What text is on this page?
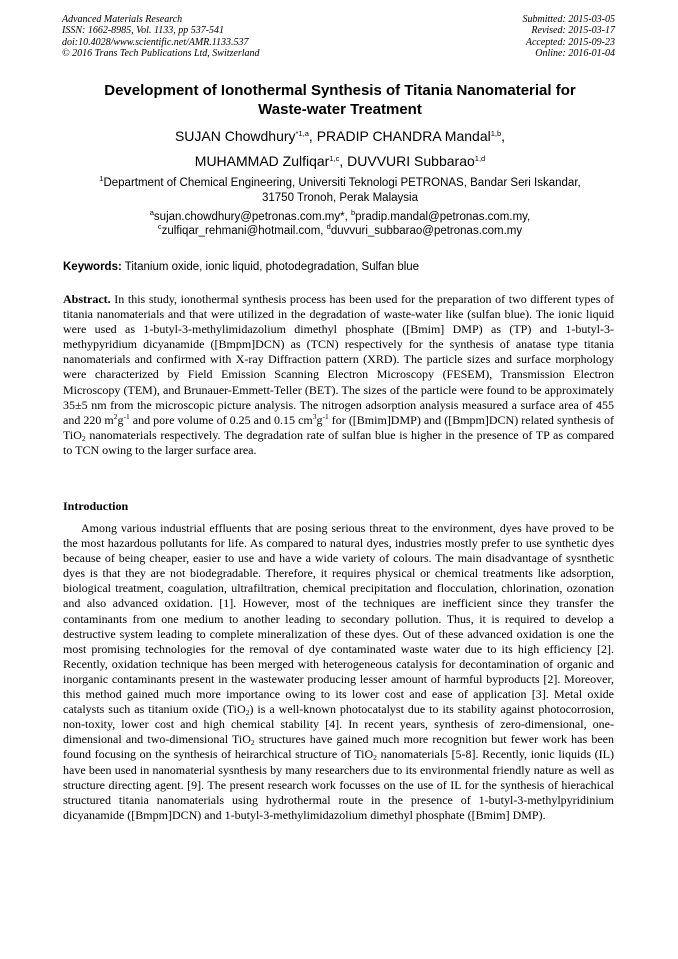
Advanced Materials Research
ISSN: 1662-8985, Vol. 1133, pp 537-541
doi:10.4028/www.scientific.net/AMR.1133.537
© 2016 Trans Tech Publications Ltd, Switzerland
Submitted: 2015-03-05
Revised: 2015-03-17
Accepted: 2015-09-23
Online: 2016-01-04
Development of Ionothermal Synthesis of Titania Nanomaterial for
Waste-water Treatment
SUJAN Chowdhury$^{*1,a}$, PRADIP CHANDRA Mandal$^{1,b}$,
MUHAMMAD Zulfiqar$^{1,c}$, DUVVURI Subbarao$^{1,d}$
$^1$Department of Chemical Engineering, Universiti Teknologi PETRONAS, Bandar Seri Iskandar,
31750 Tronoh, Perak Malaysia
$^a$sujan.chowdhury@petronas.com.my*, $^b$pradip.mandal@petronas.com.my,
$^c$zulfiqar_rehmani@hotmail.com, $^d$duvvuri_subbarao@petronas.com.my
Keywords: Titanium oxide, ionic liquid, photodegradation, Sulfan blue

Abstract. In this study, ionothermal synthesis process has been used for the preparation of two different types of titania nanomaterials and that were utilized in the degradation of waste-water like (sulfan blue). The ionic liquid were used as 1-butyl-3-methylimidazolium dimethyl phosphate ([Bmim] DMP) as (TP) and 1-butyl-3-methypyridium dicyanamide ([Bmpm]DCN) as (TCN) respectively for the synthesis of anatase type titania nanomaterials and confirmed with X-ray Diffraction pattern (XRD). The particle sizes and surface morphology were characterized by Field Emission Scanning Electron Microscopy (FESEM), Transmission Electron Microscopy (TEM), and Brunauer-Emmett-Teller (BET). The sizes of the particle were found to be approximately 35±5 nm from the microscopic picture analysis. The nitrogen adsorption analysis measured a surface area of 455 and 220 $m^2g^{-1}$ and pore volume of 0.25 and 0.15 $cm^3g^{-1}$ for ([Bmim]DMP) and ([Bmpm]DCN) related synthesis of TiO$_2$ nanomaterials respectively. The degradation rate of sulfan blue is higher in the presence of TP as compared to TCN owing to the larger surface area.

Introduction

Among various industrial effluents that are posing serious threat to the environment, dyes have proved to be the most hazardous pollutants for life. As compared to natural dyes, industries mostly prefer to use synthetic dyes because of being cheaper, easier to use and have a wide variety of colours. The main disadvantage of sysnthetic dyes is that they are not biodegradable. Therefore, it requires physical or chemical treatments like adsorption, biological treatment, coagulation, ultrafiltration, chemical precipitation and flocculation, chlorination, ozonation and also advanced oxidation. [1]. However, most of the techniques are inefficient since they transfer the contaminants from one medium to another leading to secondary pollution. Thus, it is required to develop a destructive system leading to complete mineralization of these dyes. Out of these advanced oxidation is one the most promising technologies for the removal of dye contaminated waste water due to its high efficiency [2]. Recently, oxidation technique has been merged with heterogeneous catalysis for decontamination of organic and inorganic contaminants present in the wastewater producing lesser amount of harmful byproducts [2]. Moreover, this method gained much more importance owing to its lower cost and ease of application [3]. Metal oxide catalysts such as titanium oxide (TiO$_2$) is a well-known photocatalyst due to its stability against photocorrosion, non-toxity, lower cost and high chemical stability [4]. In recent years, synthesis of zero-dimensional, one-dimensional and two-dimensional TiO$_2$ structures have gained much more recognition but fewer work has been found focusing on the synthesis of heirarchical structure of TiO$_2$ nanomaterials [5-8]. Recently, ionic liquids (IL) have been used in nanomaterial sysnthesis by many researchers due to its environmental friendly nature as well as structure directing agent. [9]. The present research work focusses on the use of IL for the synthesis of hierachical structured titania nanomaterials using hydrothermal route in the presence of 1-butyl-3-methylpyridinium dicyanamide ([Bmpm]DCN) and 1-butyl-3-methylimidazolium dimethyl phosphate ([Bmim] DMP).
